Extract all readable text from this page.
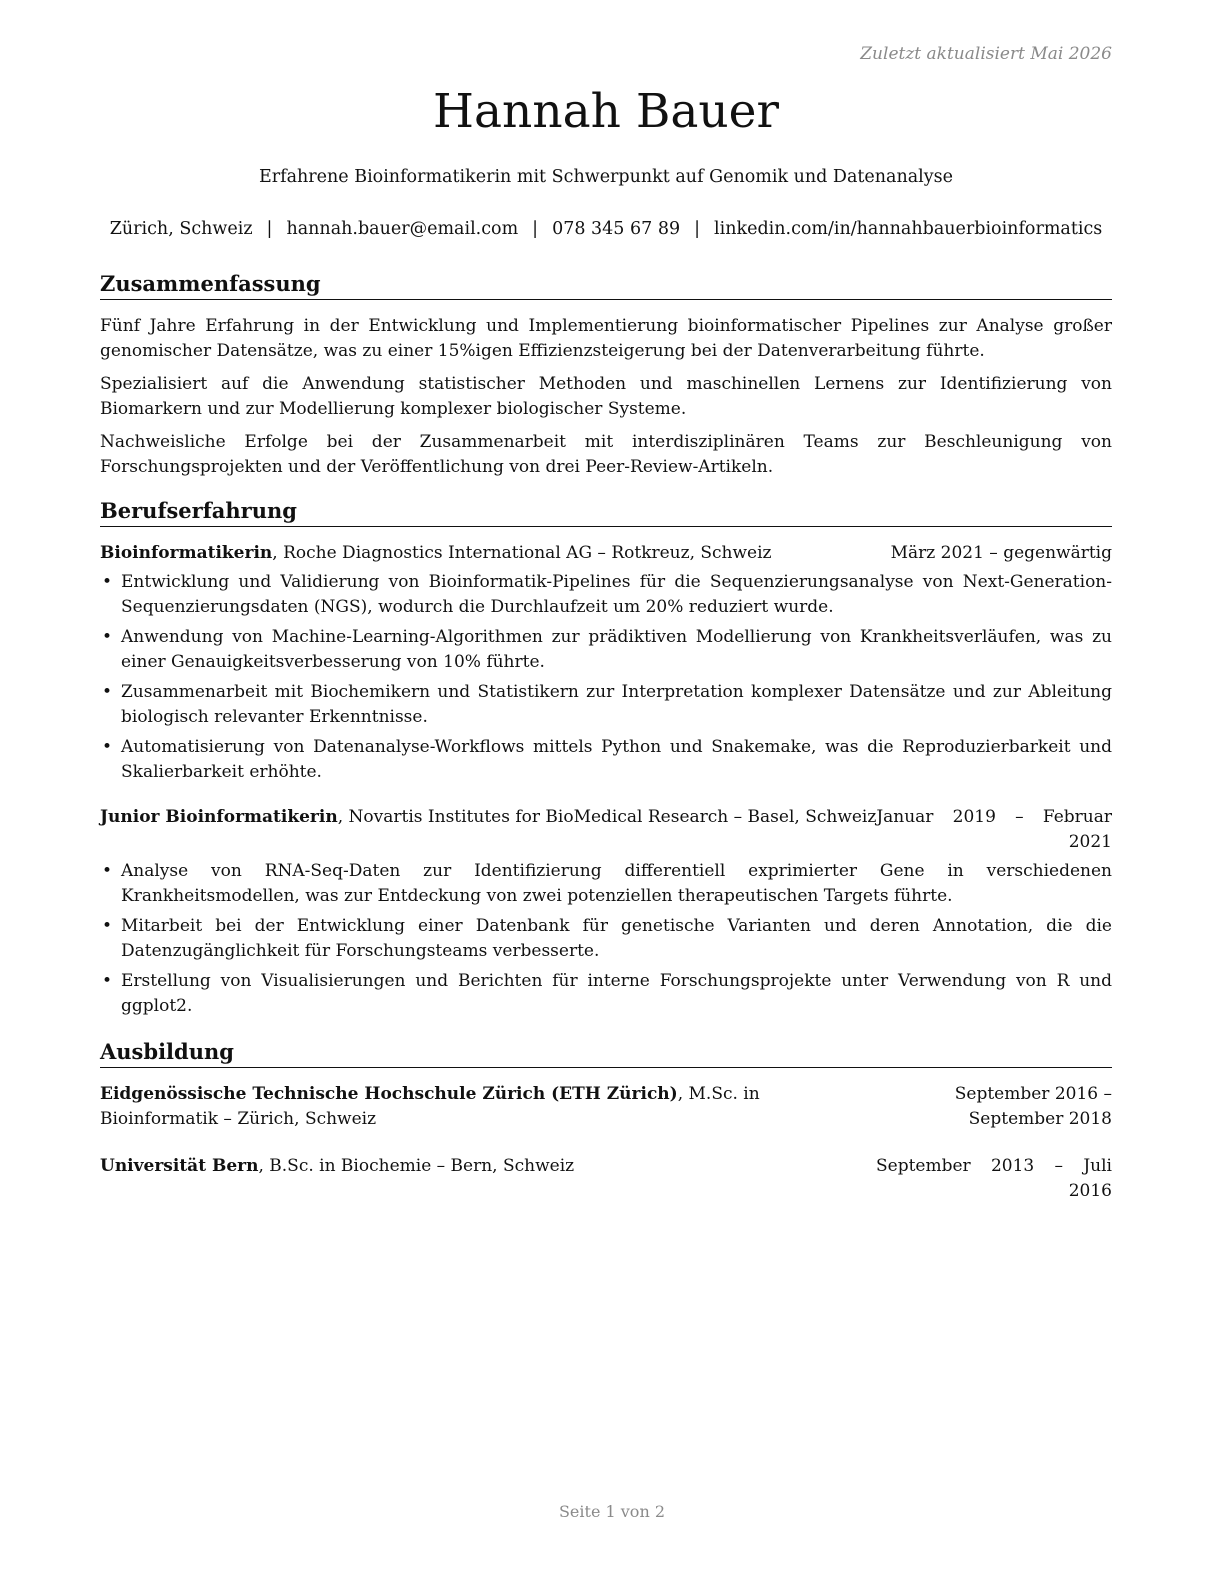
Zuletzt aktualisiert Mai 2026
Hannah Bauer
Erfahrene Bioinformatikerin mit Schwerpunkt auf Genomik und Datenanalyse
Zürich, Schweiz | hannah.bauer@email.com | 078 345 67 89 | linkedin.com/in/hannahbauerbioinformatics
Zusammenfassung

Fünf Jahre Erfahrung in der Entwicklung und Implementierung bioinformatischer Pipelines zur Analyse großer genomischer Datensätze, was zu einer 15%igen Effizienzsteigerung bei der Datenverarbeitung führte.

Spezialisiert auf die Anwendung statistischer Methoden und maschinellen Lernens zur Identifizierung von Biomarkern und zur Modellierung komplexer biologischer Systeme.

Nachweisliche Erfolge bei der Zusammenarbeit mit interdisziplinären Teams zur Beschleunigung von Forschungsprojekten und der Veröffentlichung von drei Peer-Review-Artikeln.

Berufserfahrung
Bioinformatikerin, Roche Diagnostics International AG – Rotkreuz, Schweiz	März 2021 – gegenwärtig
• Entwicklung und Validierung von Bioinformatik-Pipelines für die Sequenzierungsanalyse von Next-Generation-Sequenzierungsdaten (NGS), wodurch die Durchlaufzeit um 20% reduziert wurde.
• Anwendung von Machine-Learning-Algorithmen zur prädiktiven Modellierung von Krankheitsverläufen, was zu einer Genauigkeitsverbesserung von 10% führte.
• Zusammenarbeit mit Biochemikern und Statistikern zur Interpretation komplexer Datensätze und zur Ableitung biologisch relevanter Erkenntnisse.
• Automatisierung von Datenanalyse-Workflows mittels Python und Snakemake, was die Reproduzierbarkeit und Skalierbarkeit erhöhte.
Junior Bioinformatikerin, Novartis Institutes for BioMedical Research – Basel, Schweiz Januar 2019 – Februar 2021
• Analyse von RNA-Seq-Daten zur Identifizierung differentiell exprimierter Gene in verschiedenen Krankheitsmodellen, was zur Entdeckung von zwei potenziellen therapeutischen Targets führte.
• Mitarbeit bei der Entwicklung einer Datenbank für genetische Varianten und deren Annotation, die die Datenzugänglichkeit für Forschungsteams verbesserte.
• Erstellung von Visualisierungen und Berichten für interne Forschungsprojekte unter Verwendung von R und ggplot2.
Ausbildung
Eidgenössische Technische Hochschule Zürich (ETH Zürich), M.Sc. in Bioinformatik – Zürich, Schweiz
September 2016 – September 2018
Universität Bern, B.Sc. in Biochemie – Bern, Schweiz	September 2013 – Juli 2016
Seite 1 von 2
